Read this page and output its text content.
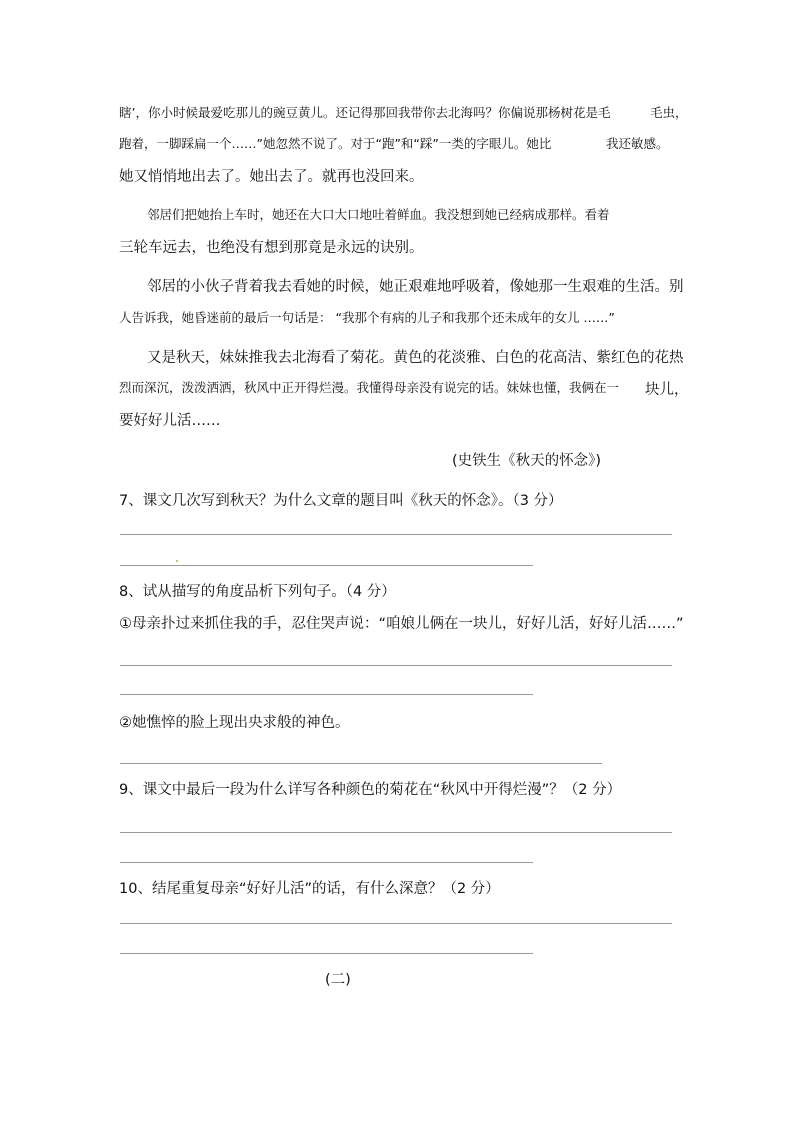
瞎’，你小时候最爱吃那儿的豌豆黄儿。还记得那回我带你去北海吗？你偏说那杨树花是毛	毛虫，
跑着，一脚踩扁一个……”她忽然不说了。对于“跑”和“踩”一类的字眼儿。她比	我还敏感。
她又悄悄地出去了。她出去了。就再也没回来。
邻居们把她抬上车时，她还在大口大口地吐着鲜血。我没想到她已经病成那样。看着
三轮车远去，也绝没有想到那竟是永远的诀别。
邻居的小伙子背着我去看她的时候，她正艰难地呼吸着，像她那一生艰难的生活。别
人告诉我，她昏迷前的最后一句话是： “我那个有病的儿子和我那个还未成年的女儿 ……”
又是秋天，妹妹推我去北海看了菊花。黄色的花淡雅、白色的花高洁、紫红色的花热
烈而深沉，泼泼洒洒，秋风中正开得烂漫。我懂得母亲没有说完的话。妹妹也懂，我俩在一 块儿，
要好好儿活……
(史铁生《秋天的怀念》)
7、课文几次写到秋天？为什么文章的题目叫《秋天的怀念》。（3 分）
8、试从描写的角度品析下列句子。（4 分）
①母亲扑过来抓住我的手，忍住哭声说：“咱娘儿俩在一块儿，好好儿活，好好儿活……”
②她憔悴的脸上现出央求般的神色。
9、课文中最后一段为什么详写各种颜色的菊花在“秋风中开得烂漫”？（2 分）
10、结尾重复母亲“好好儿活”的话，有什么深意？（2 分）
(二)
